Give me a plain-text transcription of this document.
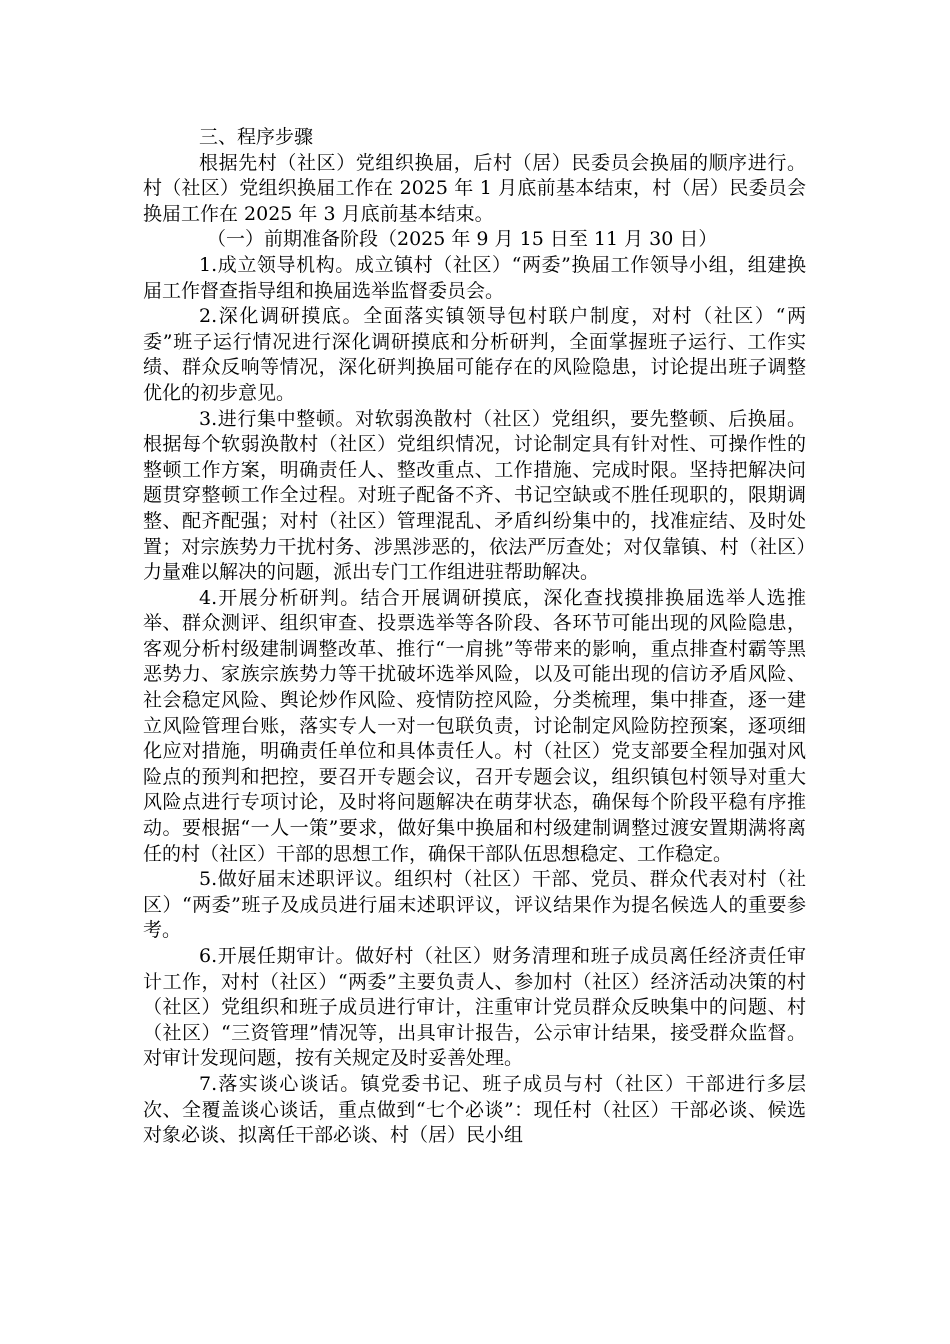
三、程序步骤

根据先村（社区）党组织换届，后村（居）民委员会换届的顺序进行。村（社区）党组织换届工作在 2025 年 1 月底前基本结束，村（居）民委员会换届工作在 2025 年 3 月底前基本结束。

（一）前期准备阶段（2025 年 9 月 15 日至 11 月 30 日）

1.成立领导机构。成立镇村（社区）“两委”换届工作领导小组，组建换届工作督查指导组和换届选举监督委员会。

2.深化调研摸底。全面落实镇领导包村联户制度，对村（社区）“两委”班子运行情况进行深化调研摸底和分析研判，全面掌握班子运行、工作实绩、群众反响等情况，深化研判换届可能存在的风险隐患，讨论提出班子调整优化的初步意见。

3.进行集中整顿。对软弱涣散村（社区）党组织，要先整顿、后换届。根据每个软弱涣散村（社区）党组织情况，讨论制定具有针对性、可操作性的整顿工作方案，明确责任人、整改重点、工作措施、完成时限。坚持把解决问题贯穿整顿工作全过程。对班子配备不齐、书记空缺或不胜任现职的，限期调整、配齐配强；对村（社区）管理混乱、矛盾纠纷集中的，找准症结、及时处置；对宗族势力干扰村务、涉黑涉恶的，依法严厉查处；对仅靠镇、村（社区）力量难以解决的问题，派出专门工作组进驻帮助解决。

4.开展分析研判。结合开展调研摸底，深化查找摸排换届选举人选推举、群众测评、组织审查、投票选举等各阶段、各环节可能出现的风险隐患，客观分析村级建制调整改革、推行“一肩挑”等带来的影响，重点排查村霸等黑恶势力、家族宗族势力等干扰破坏选举风险，以及可能出现的信访矛盾风险、社会稳定风险、舆论炒作风险、疫情防控风险，分类梳理，集中排查，逐一建立风险管理台账，落实专人一对一包联负责，讨论制定风险防控预案，逐项细化应对措施，明确责任单位和具体责任人。村（社区）党支部要全程加强对风险点的预判和把控，要召开专题会议，召开专题会议，组织镇包村领导对重大风险点进行专项讨论，及时将问题解决在萌芽状态，确保每个阶段平稳有序推动。要根据“一人一策”要求，做好集中换届和村级建制调整过渡安置期满将离任的村（社区）干部的思想工作，确保干部队伍思想稳定、工作稳定。

5.做好届末述职评议。组织村（社区）干部、党员、群众代表对村（社区）“两委”班子及成员进行届末述职评议，评议结果作为提名候选人的重要参考。

6.开展任期审计。做好村（社区）财务清理和班子成员离任经济责任审计工作，对村（社区）“两委”主要负责人、参加村（社区）经济活动决策的村（社区）党组织和班子成员进行审计，注重审计党员群众反映集中的问题、村（社区）“三资管理”情况等，出具审计报告，公示审计结果，接受群众监督。对审计发现问题，按有关规定及时妥善处理。

7.落实谈心谈话。镇党委书记、班子成员与村（社区）干部进行多层次、全覆盖谈心谈话，重点做到“七个必谈”：现任村（社区）干部必谈、候选对象必谈、拟离任干部必谈、村（居）民小组
